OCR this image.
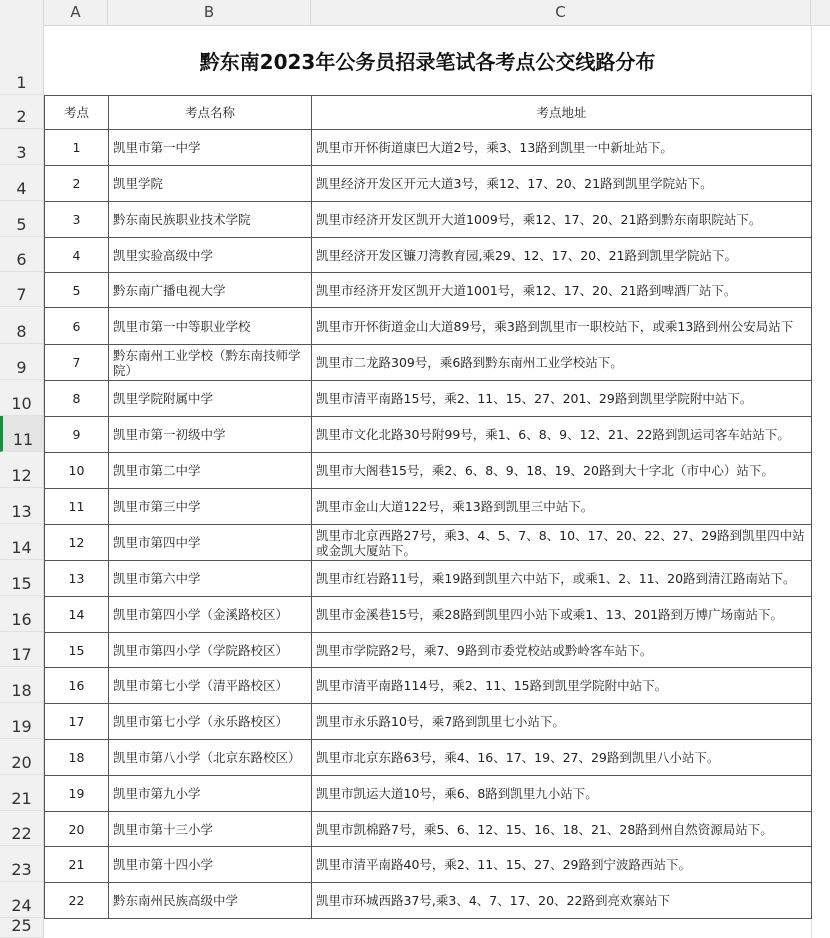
A	B	C
1
2
3
4
5
6
7
8
9
10
11
12
13
14
15
16
17
18
19
20
21
22
23
24
25
黔东南2023年公务员招录笔试各考点公交线路分布
考点	考点名称	考点地址
1	凯里市第一中学	凯里市开怀街道康巴大道2号，乘3、13路到凯里一中新址站下。
2	凯里学院	凯里经济开发区开元大道3号，乘12、17、20、21路到凯里学院站下。
3	黔东南民族职业技术学院	凯里市经济开发区凯开大道1009号，乘12、17、20、21路到黔东南职院站下。
4	凯里实验高级中学	凯里经济开发区镰刀湾教育园,乘29、12、17、20、21路到凯里学院站下。
5	黔东南广播电视大学	凯里市经济开发区凯开大道1001号，乘12、17、20、21路到啤酒厂站下。
6	凯里市第一中等职业学校	凯里市开怀街道金山大道89号，乘3路到凯里市一职校站下，或乘13路到州公安局站下
7	黔东南州工业学校（黔东南技师学院）	凯里市二龙路309号，乘6路到黔东南州工业学校站下。
8	凯里学院附属中学	凯里市清平南路15号，乘2、11、15、27、201、29路到凯里学院附中站下。
9	凯里市第一初级中学	凯里市文化北路30号附99号，乘1、6、8、9、12、21、22路到凯运司客车站站下。
10	凯里市第二中学	凯里市大阁巷15号，乘2、6、8、9、18、19、20路到大十字北（市中心）站下。
11	凯里市第三中学	凯里市金山大道122号，乘13路到凯里三中站下。
12	凯里市第四中学	凯里市北京西路27号，乘3、4、5、7、8、10、17、20、22、27、29路到凯里四中站或金凯大厦站下。
13	凯里市第六中学	凯里市红岩路11号，乘19路到凯里六中站下，或乘1、2、11、20路到清江路南站下。
14	凯里市第四小学（金溪路校区）	凯里市金溪巷15号，乘28路到凯里四小站下或乘1、13、201路到万博广场南站下。
15	凯里市第四小学（学院路校区）	凯里市学院路2号，乘7、9路到市委党校站或黔岭客车站下。
16	凯里市第七小学（清平路校区）	凯里市清平南路114号，乘2、11、15路到凯里学院附中站下。
17	凯里市第七小学（永乐路校区）	凯里市永乐路10号，乘7路到凯里七小站下。
18	凯里市第八小学（北京东路校区）	凯里市北京东路63号，乘4、16、17、19、27、29路到凯里八小站下。
19	凯里市第九小学	凯里市凯运大道10号，乘6、8路到凯里九小站下。
20	凯里市第十三小学	凯里市凯棉路7号，乘5、6、12、15、16、18、21、28路到州自然资源局站下。
21	凯里市第十四小学	凯里市清平南路40号，乘2、11、15、27、29路到宁波路西站下。
22	黔东南州民族高级中学	凯里市环城西路37号,乘3、4、7、17、20、22路到亮欢寨站下
